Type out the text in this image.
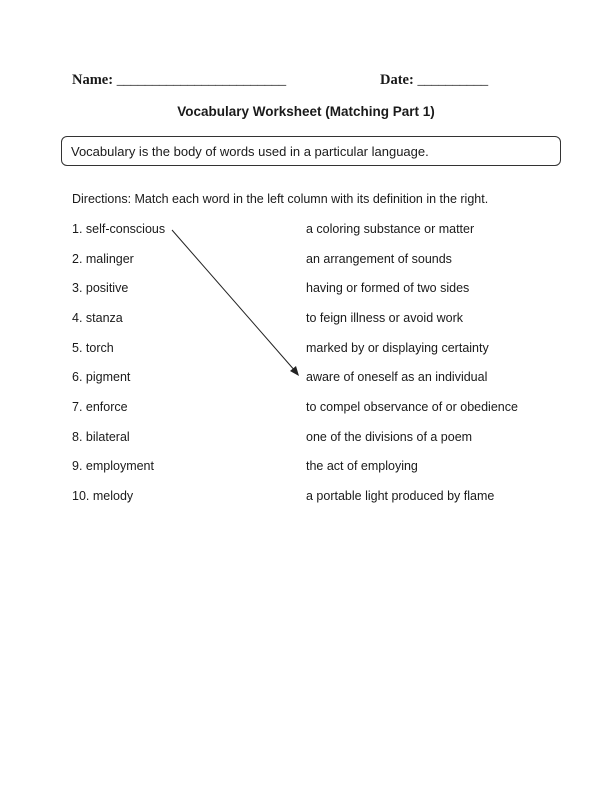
Name: ________________________	Date: __________
Vocabulary Worksheet (Matching Part 1)
Vocabulary is the body of words used in a particular language.
Directions: Match each word in the left column with its definition in the right.
1. self-conscious	a coloring substance or matter
2. malinger	an arrangement of sounds
3. positive	having or formed of two sides
4. stanza	to feign illness or avoid work
5. torch	marked by or displaying certainty
6. pigment	aware of oneself as an individual
7. enforce	to compel observance of or obedience
8. bilateral	one of the divisions of a poem
9. employment	the act of employing
10. melody	a portable light produced by flame
